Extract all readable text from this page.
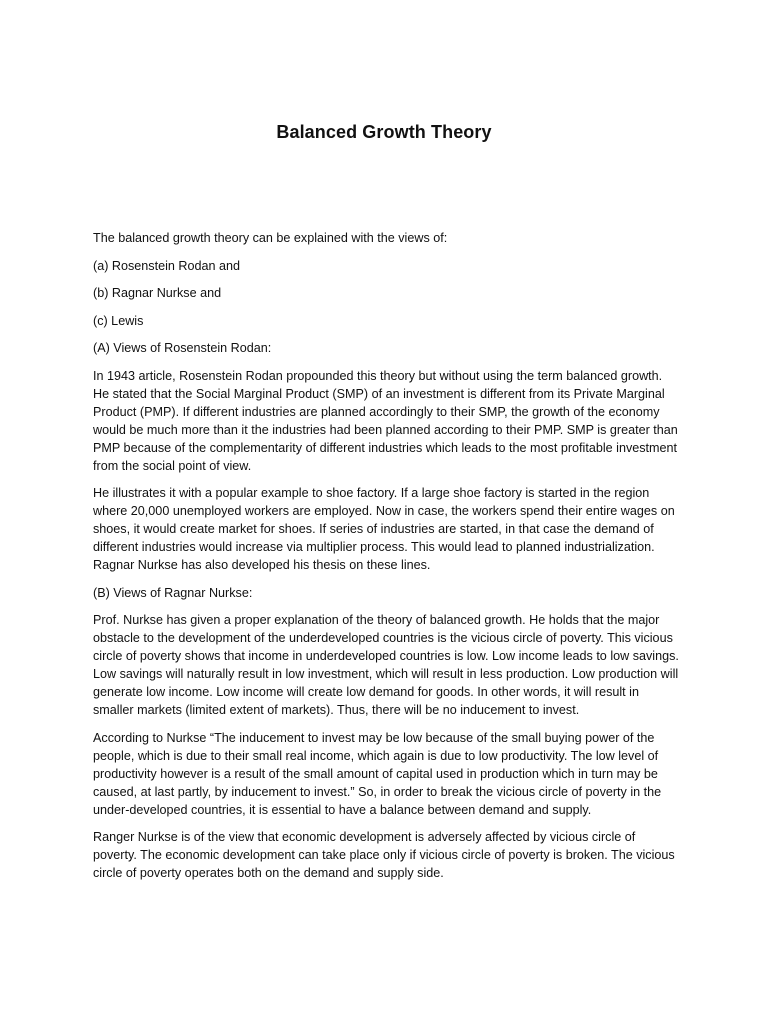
Balanced Growth Theory

The balanced growth theory can be explained with the views of:

(a) Rosenstein Rodan and

(b) Ragnar Nurkse and

(c) Lewis

(A) Views of Rosenstein Rodan:

In 1943 article, Rosenstein Rodan propounded this theory but without using the term balanced growth. He stated that the Social Marginal Product (SMP) of an investment is different from its Private Marginal Product (PMP). If different industries are planned accordingly to their SMP, the growth of the economy would be much more than it the industries had been planned according to their PMP. SMP is greater than PMP because of the complementarity of different industries which leads to the most profitable investment from the social point of view.

He illustrates it with a popular example to shoe factory. If a large shoe factory is started in the region where 20,000 unemployed workers are employed. Now in case, the workers spend their entire wages on shoes, it would create market for shoes. If series of industries are started, in that case the demand of different industries would increase via multiplier process. This would lead to planned industrialization. Ragnar Nurkse has also developed his thesis on these lines.

(B) Views of Ragnar Nurkse:

Prof. Nurkse has given a proper explanation of the theory of balanced growth. He holds that the major obstacle to the development of the underdeveloped countries is the vicious circle of poverty. This vicious circle of poverty shows that income in underdeveloped countries is low. Low income leads to low savings. Low savings will naturally result in low investment, which will result in less production. Low production will generate low income. Low income will create low demand for goods. In other words, it will result in smaller markets (limited extent of markets). Thus, there will be no inducement to invest.

According to Nurkse “The inducement to invest may be low because of the small buying power of the people, which is due to their small real income, which again is due to low productivity. The low level of productivity however is a result of the small amount of capital used in production which in turn may be caused, at last partly, by inducement to invest.” So, in order to break the vicious circle of poverty in the under-developed countries, it is essential to have a balance between demand and supply.

Ranger Nurkse is of the view that economic development is adversely affected by vicious circle of poverty. The economic development can take place only if vicious circle of poverty is broken. The vicious circle of poverty operates both on the demand and supply side.
